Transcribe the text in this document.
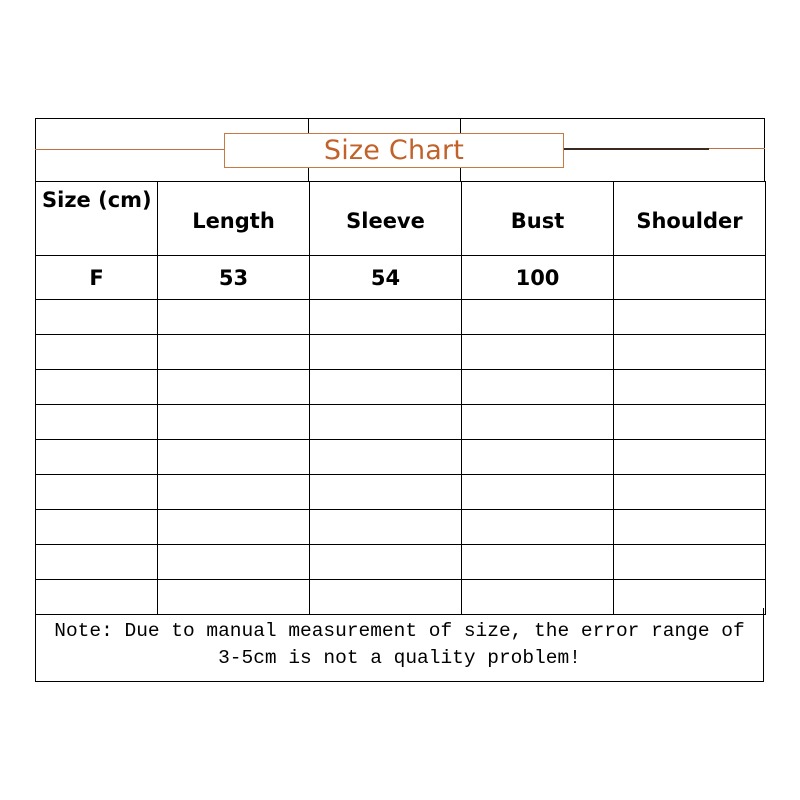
Size Chart
Size (cm)	Length	Sleeve	Bust	Shoulder
F	53	54	100	

Note: Due to manual measurement of size, the error range of 3-5cm is not a quality problem!
